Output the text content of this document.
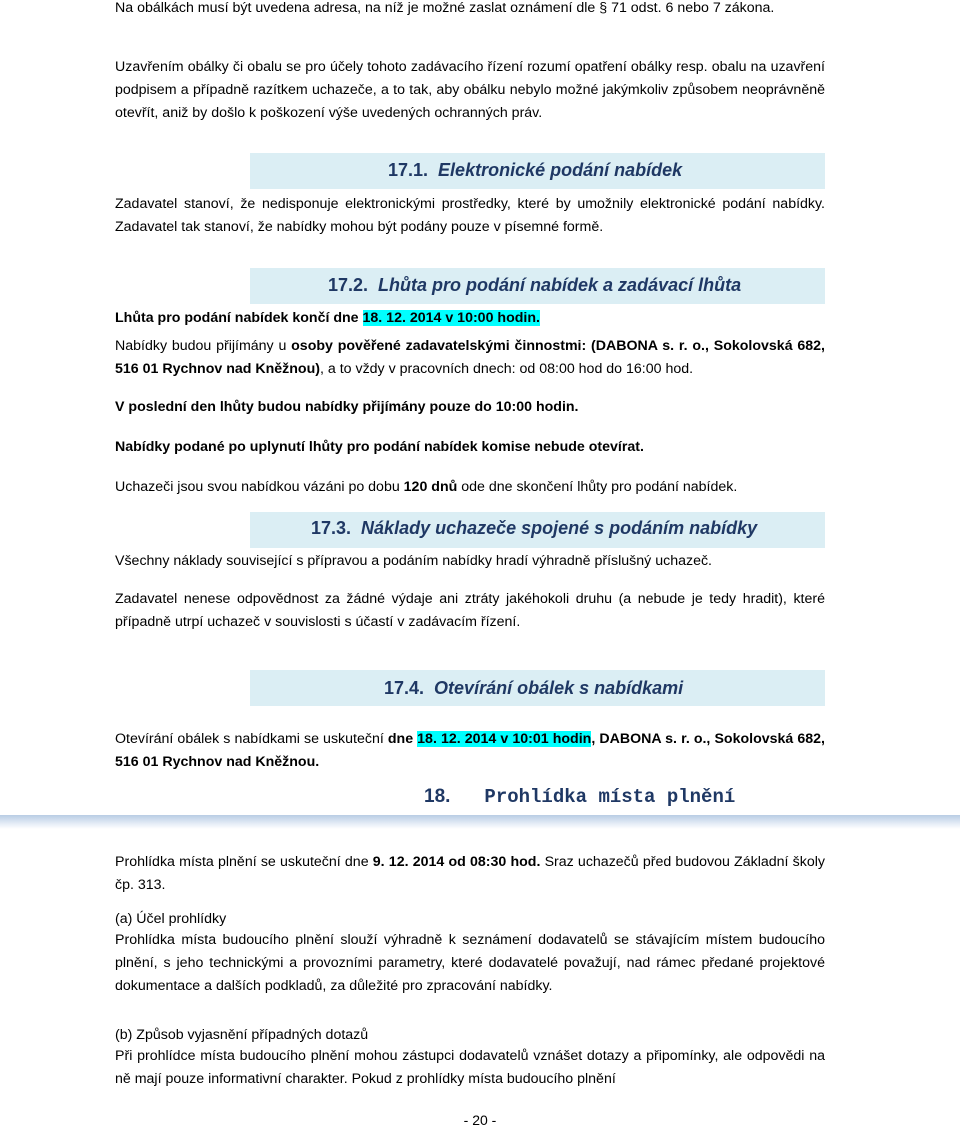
Na obálkách musí být uvedena adresa, na níž je možné zaslat oznámení dle § 71 odst. 6 nebo 7 zákona.

Uzavřením obálky či obalu se pro účely tohoto zadávacího řízení rozumí opatření obálky resp. obalu na uzavření podpisem a případně razítkem uchazeče, a to tak, aby obálku nebylo možné jakýmkoliv způsobem neoprávněně otevřít, aniž by došlo k poškození výše uvedených ochranných práv.

17.1. Elektronické podání nabídek

Zadavatel stanoví, že nedisponuje elektronickými prostředky, které by umožnily elektronické podání nabídky. Zadavatel tak stanoví, že nabídky mohou být podány pouze v písemné formě.

17.2. Lhůta pro podání nabídek a zadávací lhůta

Lhůta pro podání nabídek končí dne 18. 12. 2014 v 10:00 hodin.

Nabídky budou přijímány u osoby pověřené zadavatelskými činnostmi: (DABONA s. r. o., Sokolovská 682, 516 01 Rychnov nad Kněžnou), a to vždy v pracovních dnech: od 08:00 hod do 16:00 hod.

V poslední den lhůty budou nabídky přijímány pouze do 10:00 hodin.

Nabídky podané po uplynutí lhůty pro podání nabídek komise nebude otevírat.

Uchazeči jsou svou nabídkou vázáni po dobu 120 dnů ode dne skončení lhůty pro podání nabídek.

17.3. Náklady uchazeče spojené s podáním nabídky

Všechny náklady související s přípravou a podáním nabídky hradí výhradně příslušný uchazeč.

Zadavatel nenese odpovědnost za žádné výdaje ani ztráty jakéhokoli druhu (a nebude je tedy hradit), které případně utrpí uchazeč v souvislosti s účastí v zadávacím řízení.

17.4. Otevírání obálek s nabídkami

Otevírání obálek s nabídkami se uskuteční dne 18. 12. 2014 v 10:01 hodin, DABONA s. r. o., Sokolovská 682, 516 01 Rychnov nad Kněžnou.

18. Prohlídka místa plnění

Prohlídka místa plnění se uskuteční dne 9. 12. 2014 od 08:30 hod. Sraz uchazečů před budovou Základní školy čp. 313.

(a) Účel prohlídky

Prohlídka místa budoucího plnění slouží výhradně k seznámení dodavatelů se stávajícím místem budoucího plnění, s jeho technickými a provozními parametry, které dodavatelé považují, nad rámec předané projektové dokumentace a dalších podkladů, za důležité pro zpracování nabídky.

(b) Způsob vyjasnění případných dotazů

Při prohlídce místa budoucího plnění mohou zástupci dodavatelů vznášet dotazy a připomínky, ale odpovědi na ně mají pouze informativní charakter. Pokud z prohlídky místa budoucího plnění

- 20 -
